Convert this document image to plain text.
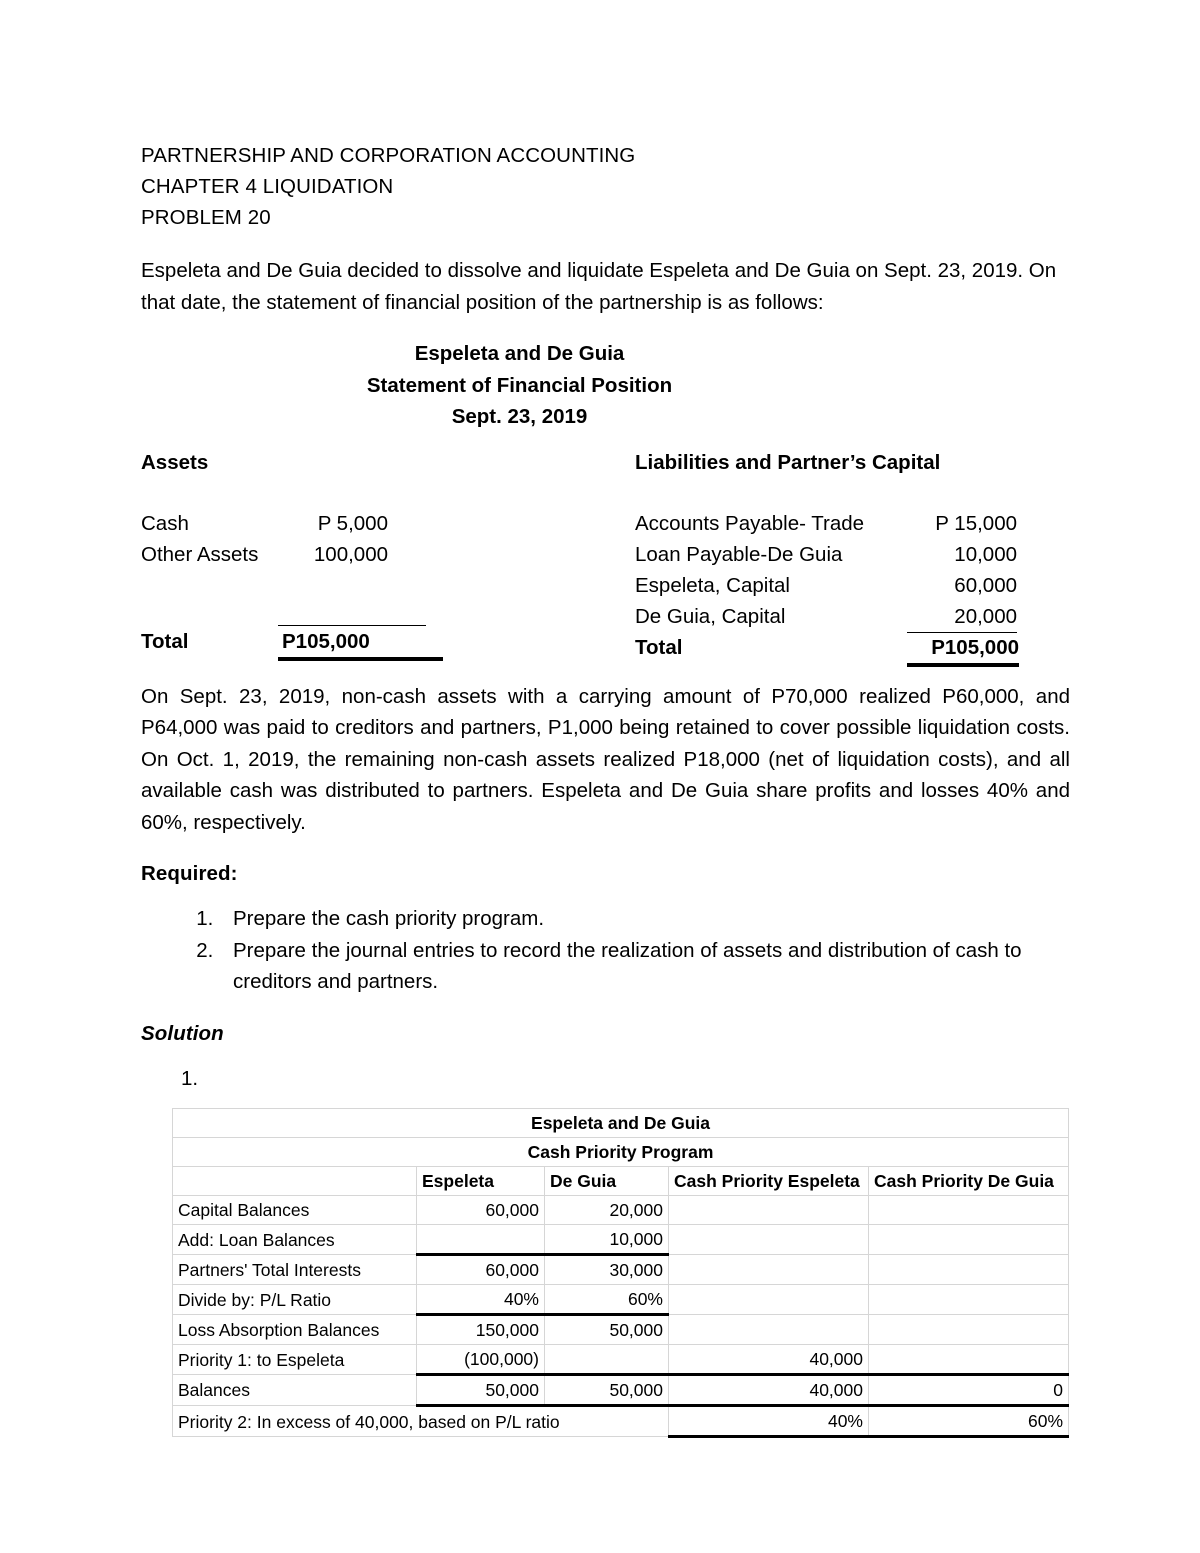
PARTNERSHIP AND CORPORATION ACCOUNTING
CHAPTER 4 LIQUIDATION
PROBLEM 20

Espeleta and De Guia decided to dissolve and liquidate Espeleta and De Guia on Sept. 23, 2019. On that date, the statement of financial position of the partnership is as follows:

Espeleta and De Guia
Statement of Financial Position
Sept. 23, 2019
Assets	Liabilities and Partner’s Capital
Cash	P 5,000
Other Assets	100,000
Total	P105,000
Accounts Payable- Trade	P 15,000
Loan Payable-De Guia	10,000
Espeleta, Capital	60,000
De Guia, Capital	20,000
Total	P105,000

On Sept. 23, 2019, non-cash assets with a carrying amount of P70,000 realized P60,000, and P64,000 was paid to creditors and partners, P1,000 being retained to cover possible liquidation costs. On Oct. 1, 2019, the remaining non-cash assets realized P18,000 (net of liquidation costs), and all available cash was distributed to partners. Espeleta and De Guia share profits and losses 40% and 60%, respectively.

Required:
1. Prepare the cash priority program.
2. Prepare the journal entries to record the realization of assets and distribution of cash to creditors and partners.
Solution
1.
Espeleta and De Guia				
Cash Priority Program				
	Espeleta	De Guia	Cash Priority Espeleta	Cash Priority De Guia
Capital Balances	60,000	20,000		
Add: Loan Balances		10,000		
Partners' Total Interests	60,000	30,000		
Divide by: P/L Ratio	40%	60%		
Loss Absorption Balances	150,000	50,000		
Priority 1: to Espeleta	(100,000)		40,000	
Balances	50,000	50,000	40,000	0
Priority 2: In excess of 40,000, based on P/L ratio			40%	60%
